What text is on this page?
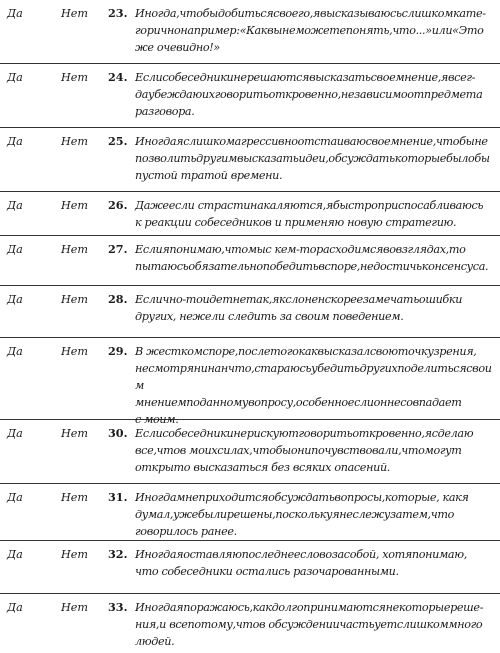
Да	Нет 23. Иногда,чтобыдобитьсясвоего,явысказываюсьслишкомкате-
горичнонапример:«Каквынеможетепонять,что...»или«Это
же очевидно!»
Да	Нет 24. Еслисобеседникинерешаютсявысказатьсвоемнение,явсег-
даубеждаюихговоритьоткровенно,независимоотпредмета
разговора.
Да	Нет 25. Иногдаяслишкомагрессивноотстаиваюсвоемнение,чтобыне
позволитьдругимвысказатьидеи,обсуждатькоторыебылобы
пустой тратой времени.
Да	Нет 26. Дажеесли страстинакаляются,ябыстроприспосабливаюсь
к реакции собеседников и применяю новую стратегию.
Да	Нет 27. Еслияпонимаю,чтомыс кем-торасходимсявовзглядах,то
пытаюсьобязательнопобедитьвспоре,недостичьконсенсуса.
Да	Нет 28. Еслично-тоидетнетак,якслоненскореезамечатьошибки
других, нежели следить за своим поведением.
Да	Нет 29. В жесткомспоре,послетогокаквысказалсвоюточкузрения,
несмотрянинанчто,стараюсьубедитьдругихподелитьсясвоим
мнениемподанномувопросу,особенноеслионнесовпадает
с моим.
Да	Нет 30. Еслисобеседникинерискуютговоритьоткровенно,ясделаю
все,чтов моихсилах,чтобыонипочувствовали,чтомогут
открыто высказаться без всяких опасений.
Да	Нет 31. Иногдамнеприходитсяобсуждатьвопросы,которые, какя
думал,ужебылирешены,посколькуянеслежузатем,что
говорилось ранее.
Да	Нет 32. Иногдаяоставляюпоследнеесловозасобой, хотяпонимаю,
что собеседники остались разочарованными.
Да	Нет 33. Иногдаяпоражаюсь,какдолгопринимаютсянекоторыереше-
ния,и всепотому,чтов обсуждениичастьуетслишкоммного
людей.
